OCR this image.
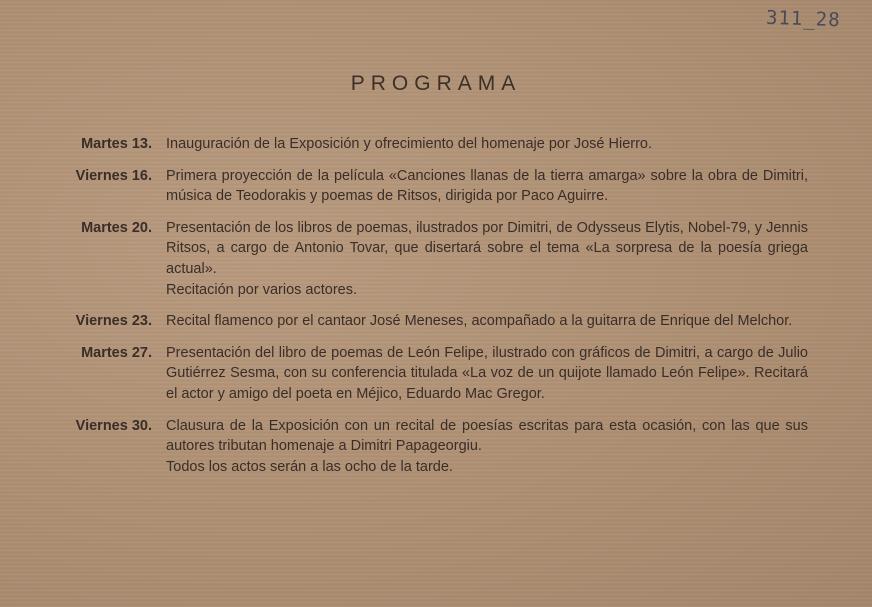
311_28
PROGRAMA
Martes 13. Inauguración de la Exposición y ofrecimiento del homenaje por José Hierro.
Viernes 16. Primera proyección de la película «Canciones llanas de la tierra amarga» sobre la obra de Dimitri, música de Teodorakis y poemas de Ritsos, dirigida por Paco Aguirre.
Martes 20. Presentación de los libros de poemas, ilustrados por Dimitri, de Odysseus Elytis, Nobel-79, y Jennis Ritsos, a cargo de Antonio Tovar, que disertará sobre el tema «La sorpresa de la poesía griega actual».
Recitación por varios actores.
Viernes 23. Recital flamenco por el cantaor José Meneses, acompañado a la guitarra de Enrique del Melchor.
Martes 27. Presentación del libro de poemas de León Felipe, ilustrado con gráficos de Dimitri, a cargo de Julio Gutiérrez Sesma, con su conferencia titulada «La voz de un quijote llamado León Felipe». Recitará el actor y amigo del poeta en Méjico, Eduardo Mac Gregor.
Viernes 30. Clausura de la Exposición con un recital de poesías escritas para esta ocasión, con las que sus autores tributan homenaje a Dimitri Papageorgiu.
Todos los actos serán a las ocho de la tarde.
